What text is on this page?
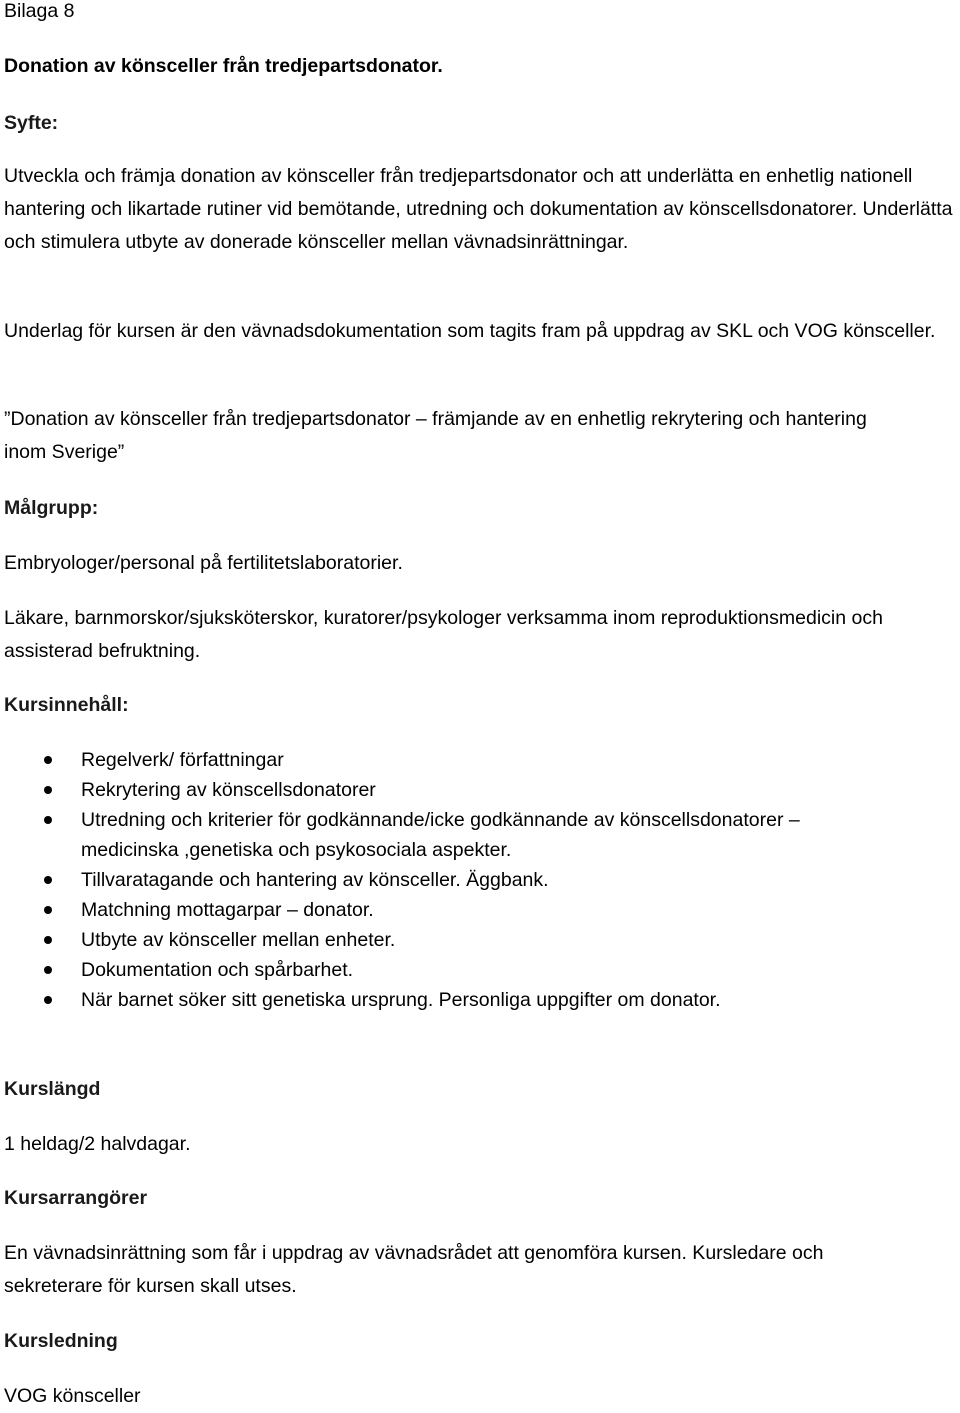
Bilaga 8
Donation av könsceller från tredjepartsdonator.
Syfte:
Utveckla och främja donation av könsceller från tredjepartsdonator och att underlätta en enhetlig nationell hantering och likartade rutiner vid bemötande, utredning och dokumentation av könscellsdonatorer. Underlätta och stimulera utbyte av donerade könsceller mellan vävnadsinrättningar.
Underlag för kursen är den vävnadsdokumentation som tagits fram på uppdrag av SKL och VOG könsceller.
”Donation av könsceller från tredjepartsdonator – främjande av en enhetlig rekrytering och hantering inom Sverige”
Målgrupp:
Embryologer/personal på fertilitetslaboratorier.
Läkare, barnmorskor/sjuksköterskor, kuratorer/psykologer verksamma inom reproduktionsmedicin och assisterad befruktning.
Kursinnehåll:
Regelverk/ författningar
Rekrytering av könscellsdonatorer
Utredning och kriterier för godkännande/icke godkännande av könscellsdonatorer – medicinska ,genetiska och psykosociala aspekter.
Tillvaratagande och hantering av könsceller. Äggbank.
Matchning mottagarpar – donator.
Utbyte av könsceller mellan enheter.
Dokumentation och spårbarhet.
När barnet söker sitt genetiska ursprung. Personliga uppgifter om donator.
Kurslängd
1 heldag/2 halvdagar.
Kursarrangörer
En vävnadsinrättning som får i uppdrag av vävnadsrådet att genomföra kursen. Kursledare och sekreterare för kursen skall utses.
Kursledning
VOG könsceller
